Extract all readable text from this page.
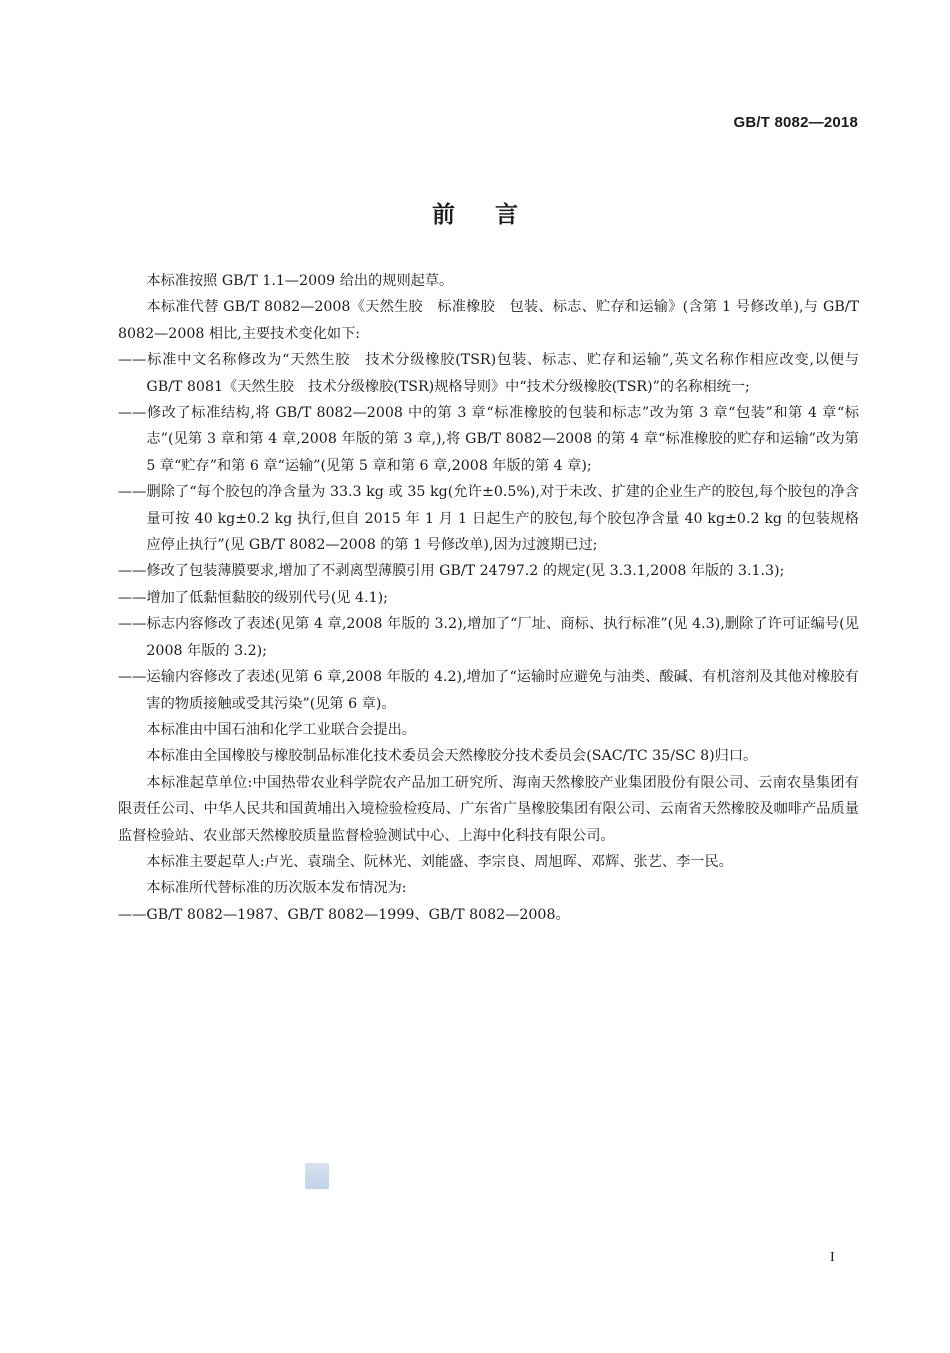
GB/T 8082—2018
前言

本标准按照 GB/T 1.1—2009 给出的规则起草。

本标准代替 GB/T 8082—2008《天然生胶　标准橡胶　包装、标志、贮存和运输》(含第 1 号修改单),与 GB/T 8082—2008 相比,主要技术变化如下:

——标准中文名称修改为“天然生胶　技术分级橡胶(TSR)包装、标志、贮存和运输”,英文名称作相应改变,以便与 GB/T 8081《天然生胶　技术分级橡胶(TSR)规格导则》中“技术分级橡胶(TSR)”的名称相统一;

——修改了标准结构,将 GB/T 8082—2008 中的第 3 章“标准橡胶的包装和标志”改为第 3 章“包装”和第 4 章“标志”(见第 3 章和第 4 章,2008 年版的第 3 章,),将 GB/T 8082—2008 的第 4 章“标准橡胶的贮存和运输”改为第 5 章“贮存”和第 6 章“运输”(见第 5 章和第 6 章,2008 年版的第 4 章);

——删除了“每个胶包的净含量为 33.3 kg 或 35 kg(允许±0.5%),对于未改、扩建的企业生产的胶包,每个胶包的净含量可按 40 kg±0.2 kg 执行,但自 2015 年 1 月 1 日起生产的胶包,每个胶包净含量 40 kg±0.2 kg 的包装规格应停止执行”(见 GB/T 8082—2008 的第 1 号修改单),因为过渡期已过;

——修改了包装薄膜要求,增加了不剥离型薄膜引用 GB/T 24797.2 的规定(见 3.3.1,2008 年版的 3.1.3);

——增加了低黏恒黏胶的级别代号(见 4.1);

——标志内容修改了表述(见第 4 章,2008 年版的 3.2),增加了“厂址、商标、执行标准”(见 4.3),删除了许可证编号(见 2008 年版的 3.2);

——运输内容修改了表述(见第 6 章,2008 年版的 4.2),增加了“运输时应避免与油类、酸碱、有机溶剂及其他对橡胶有害的物质接触或受其污染”(见第 6 章)。

本标准由中国石油和化学工业联合会提出。

本标准由全国橡胶与橡胶制品标准化技术委员会天然橡胶分技术委员会(SAC/TC 35/SC 8)归口。

本标准起草单位:中国热带农业科学院农产品加工研究所、海南天然橡胶产业集团股份有限公司、云南农垦集团有限责任公司、中华人民共和国黄埔出入境检验检疫局、广东省广垦橡胶集团有限公司、云南省天然橡胶及咖啡产品质量监督检验站、农业部天然橡胶质量监督检验测试中心、上海中化科技有限公司。

本标准主要起草人:卢光、袁瑞全、阮林光、刘能盛、李宗良、周旭晖、邓辉、张艺、李一民。

本标准所代替标准的历次版本发布情况为:

——GB/T 8082—1987、GB/T 8082—1999、GB/T 8082—2008。

I
